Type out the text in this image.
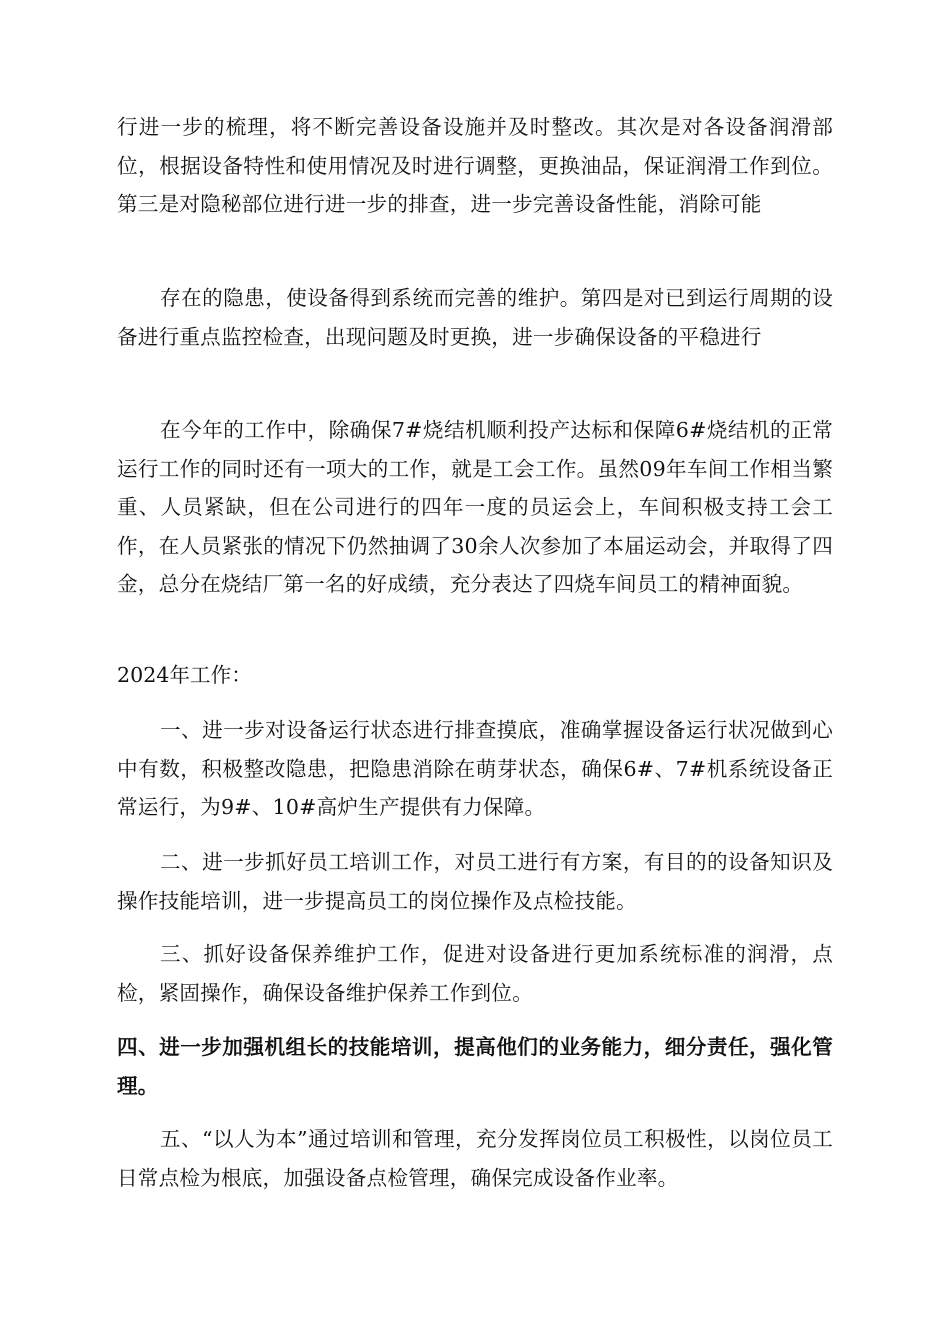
行进一步的梳理，将不断完善设备设施并及时整改。其次是对各设备润滑部位，根据设备特性和使用情况及时进行调整，更换油品，保证润滑工作到位。第三是对隐秘部位进行进一步的排查，进一步完善设备性能，消除可能

存在的隐患，使设备得到系统而完善的维护。第四是对已到运行周期的设备进行重点监控检查，出现问题及时更换，进一步确保设备的平稳进行

在今年的工作中，除确保7#烧结机顺利投产达标和保障6#烧结机的正常运行工作的同时还有一项大的工作，就是工会工作。虽然09年车间工作相当繁重、人员紧缺，但在公司进行的四年一度的员运会上，车间积极支持工会工作，在人员紧张的情况下仍然抽调了30余人次参加了本届运动会，并取得了四金，总分在烧结厂第一名的好成绩，充分表达了四烧车间员工的精神面貌。

2024年工作：

一、进一步对设备运行状态进行排查摸底，准确掌握设备运行状况做到心中有数，积极整改隐患，把隐患消除在萌芽状态，确保6#、7#机系统设备正常运行，为9#、10#高炉生产提供有力保障。

二、进一步抓好员工培训工作，对员工进行有方案，有目的的设备知识及操作技能培训，进一步提高员工的岗位操作及点检技能。

三、抓好设备保养维护工作，促进对设备进行更加系统标准的润滑，点检，紧固操作，确保设备维护保养工作到位。

四、进一步加强机组长的技能培训，提高他们的业务能力，细分责任，强化管理。

五、“以人为本”通过培训和管理，充分发挥岗位员工积极性，以岗位员工日常点检为根底，加强设备点检管理，确保完成设备作业率。
